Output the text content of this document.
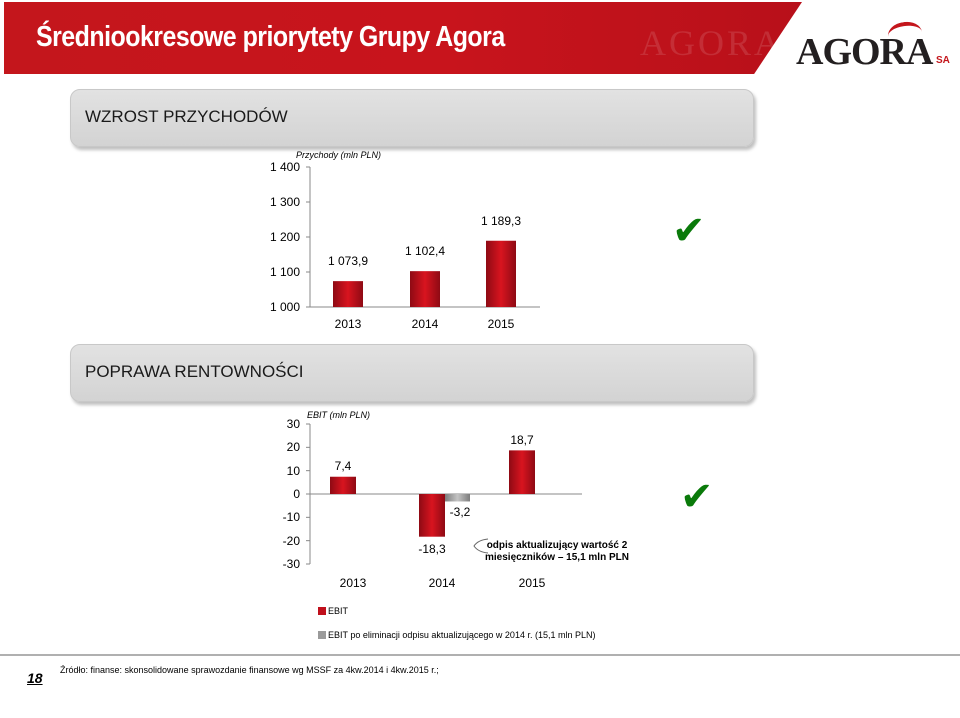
AGORA
Średniookresowe priorytety Grupy Agora	AGORA SA
WZROST PRZYCHODÓW
1 000
1 100
1 200
1 300
1 400
Przychody (mln PLN)
1 073,9
2013
1 102,4
2014
1 189,3
2015
✔
POPRAWA RENTOWNOŚCI
-30
-20
-10
0
10
20
30
EBIT (mln PLN)
2013	2014	2015
7,4
-18,3
18,7
-3,2
odpis aktualizujący wartość 2 miesięczników – 15,1 mln PLN
EBIT
EBIT po eliminacji odpisu aktualizującego w 2014 r. (15,1 mln PLN)
✔
18 Źródło: finanse: skonsolidowane sprawozdanie finansowe wg MSSF za 4kw.2014 i 4kw.2015 r.;
